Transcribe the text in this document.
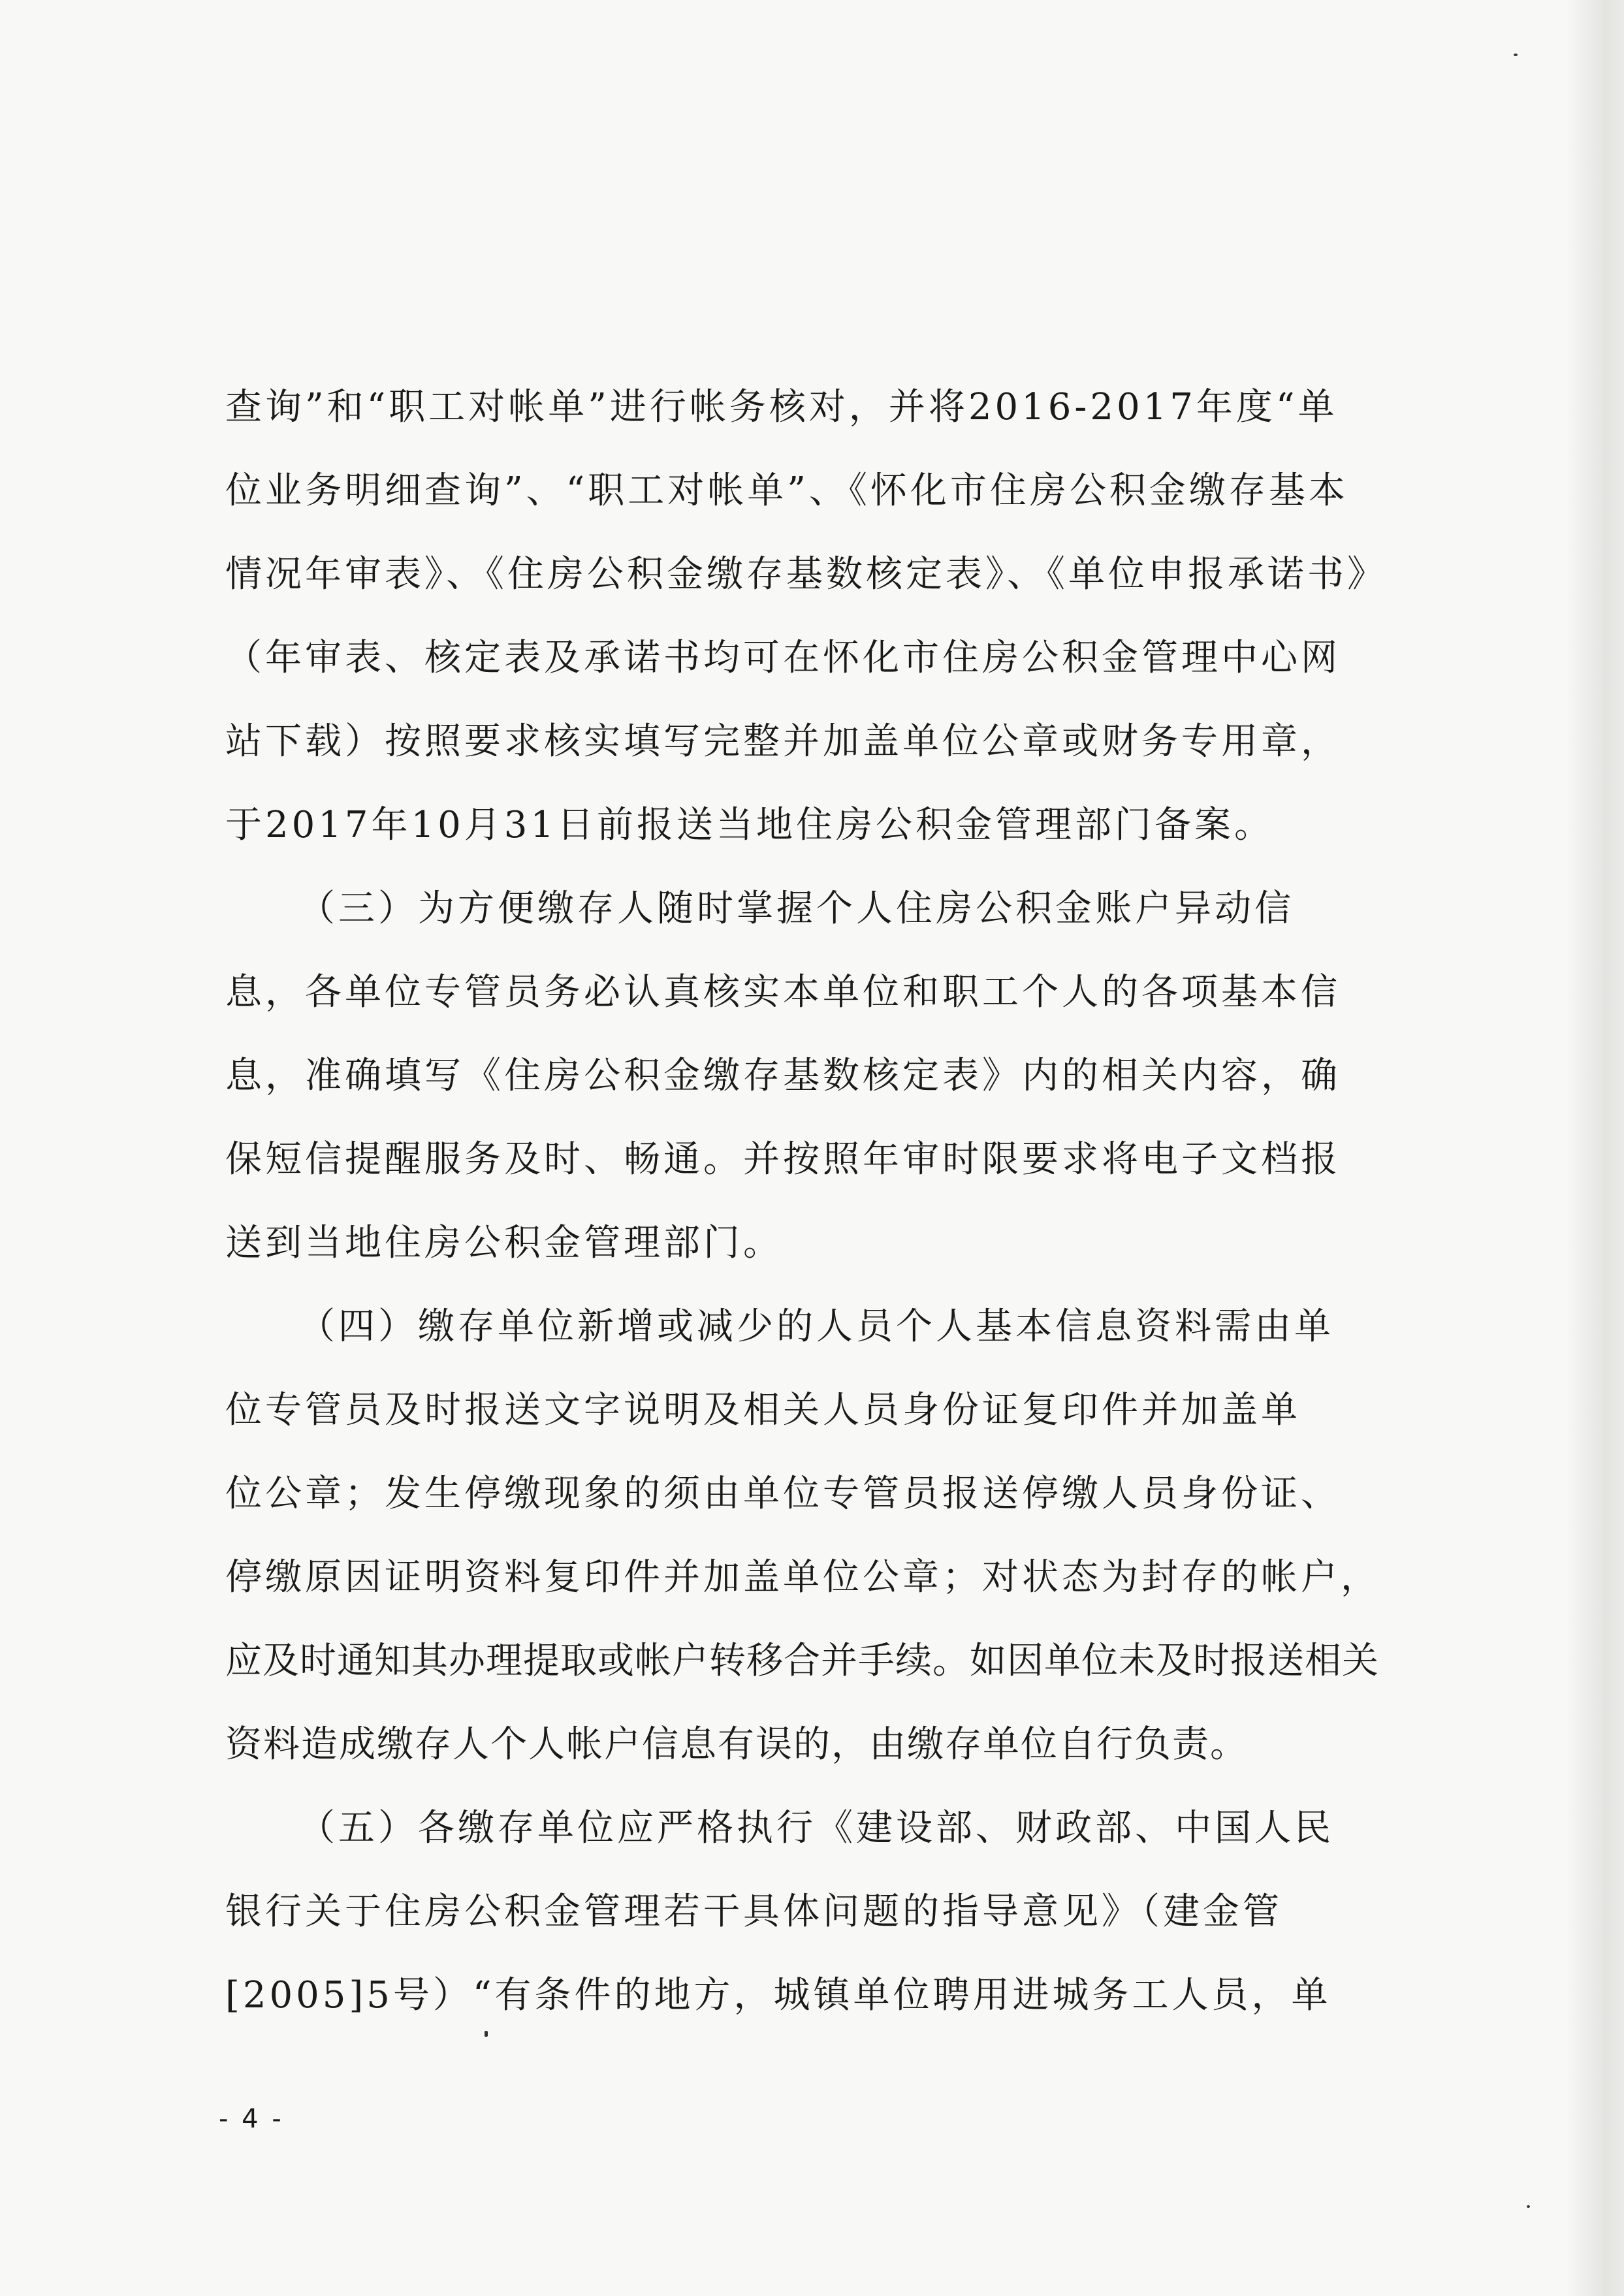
查询”和“职工对帐单”进行帐务核对，并将2016-2017年度“单
位业务明细查询”、“职工对帐单”、《怀化市住房公积金缴存基本
情况年审表》、《住房公积金缴存基数核定表》、《单位申报承诺书》
（年审表、核定表及承诺书均可在怀化市住房公积金管理中心网
站下载）按照要求核实填写完整并加盖单位公章或财务专用章，
于2017年10月31日前报送当地住房公积金管理部门备案。
（三）为方便缴存人随时掌握个人住房公积金账户异动信
息，各单位专管员务必认真核实本单位和职工个人的各项基本信
息，准确填写《住房公积金缴存基数核定表》内的相关内容，确
保短信提醒服务及时、畅通。并按照年审时限要求将电子文档报
送到当地住房公积金管理部门。
（四）缴存单位新增或减少的人员个人基本信息资料需由单
位专管员及时报送文字说明及相关人员身份证复印件并加盖单
位公章；发生停缴现象的须由单位专管员报送停缴人员身份证、
停缴原因证明资料复印件并加盖单位公章；对状态为封存的帐户，
应及时通知其办理提取或帐户转移合并手续。如因单位未及时报送相关
资料造成缴存人个人帐户信息有误的，由缴存单位自行负责。
（五）各缴存单位应严格执行《建设部、财政部、中国人民
银行关于住房公积金管理若干具体问题的指导意见》（建金管
[2005]5号）“有条件的地方，城镇单位聘用进城务工人员，单
- 4 -
